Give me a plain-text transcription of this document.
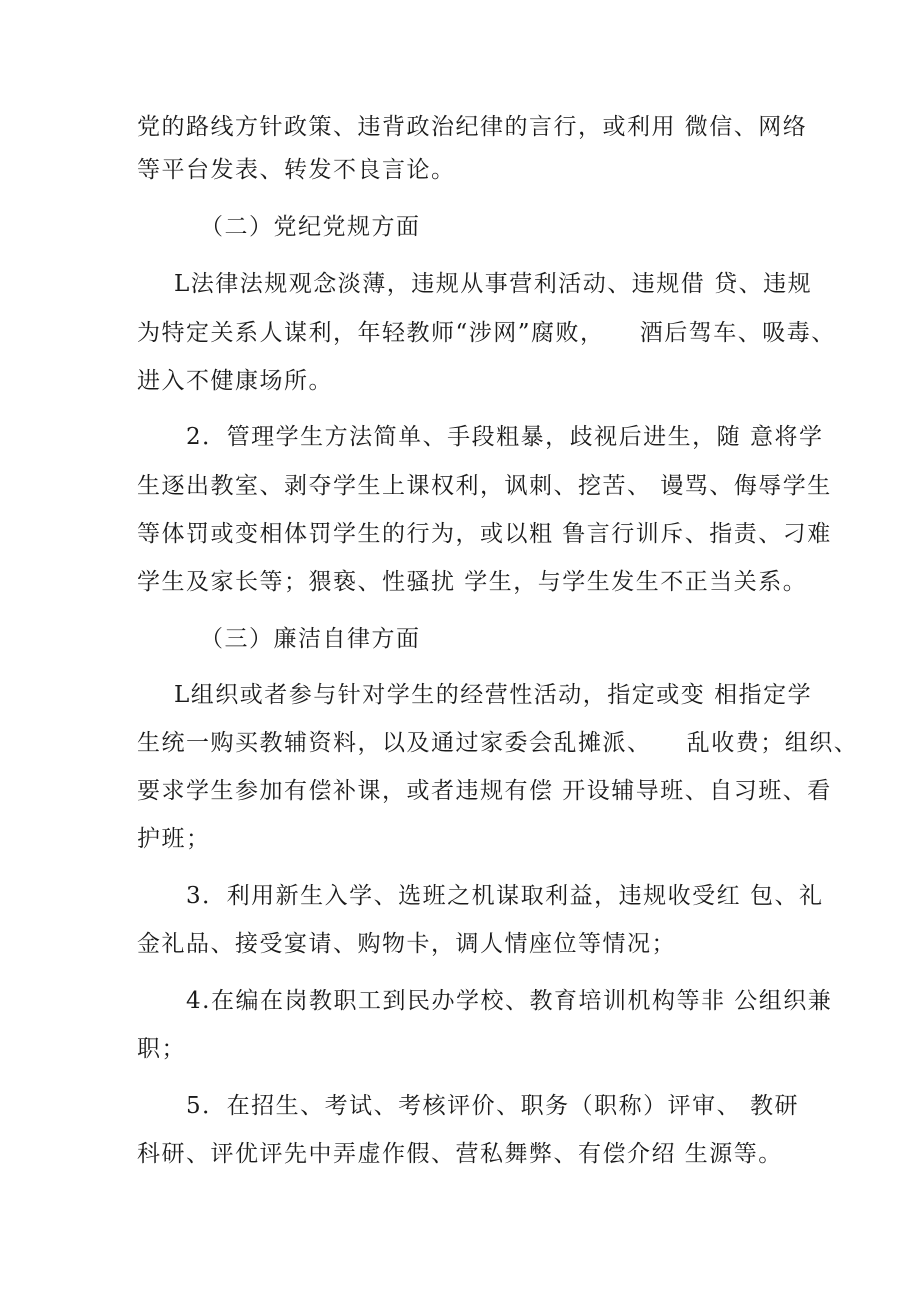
党的路线方针政策、违背政治纪律的言行，或利用 微信、网络
等平台发表、转发不良言论。
（二）党纪党规方面
L法律法规观念淡薄，违规从事营利活动、违规借 贷、违规
为特定关系人谋利，年轻教师“涉网”腐败，    酒后驾车、吸毒、
进入不健康场所。
2．管理学生方法简单、手段粗暴，歧视后进生，随 意将学
生逐出教室、剥夺学生上课权利，讽刺、挖苦、 谩骂、侮辱学生
等体罚或变相体罚学生的行为，或以粗 鲁言行训斥、指责、刁难
学生及家长等；猥亵、性骚扰 学生，与学生发生不正当关系。
（三）廉洁自律方面
L组织或者参与针对学生的经营性活动，指定或变 相指定学
生统一购买教辅资料，以及通过家委会乱摊派、    乱收费；组织、
要求学生参加有偿补课，或者违规有偿 开设辅导班、自习班、看
护班；
3．利用新生入学、选班之机谋取利益，违规收受红 包、礼
金礼品、接受宴请、购物卡，调人情座位等情况；
4.在编在岗教职工到民办学校、教育培训机构等非 公组织兼
职；
5．在招生、考试、考核评价、职务（职称）评审、 教研
科研、评优评先中弄虚作假、营私舞弊、有偿介绍 生源等。
